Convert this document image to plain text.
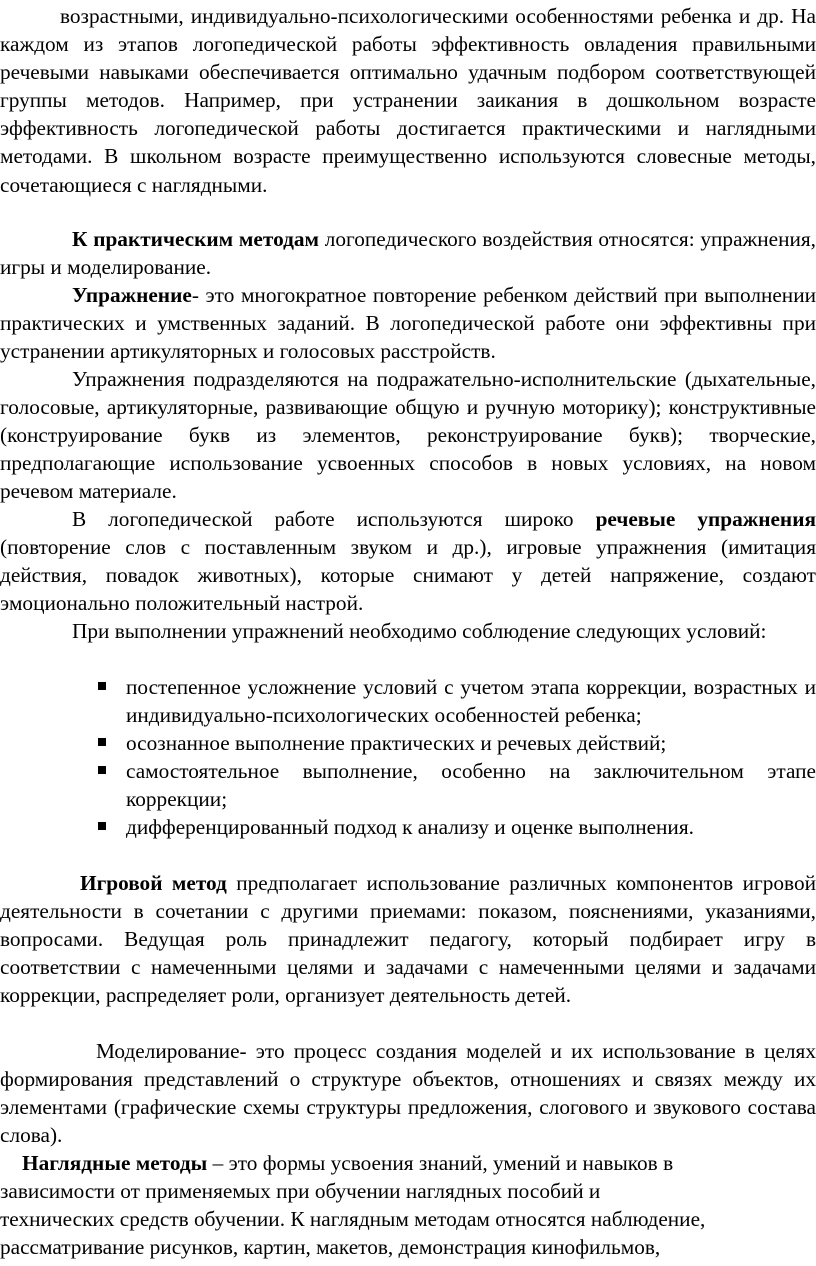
возрастными, индивидуально-психологическими особенностями ребенка и др. На каждом из этапов логопедической работы эффективность овладения правильными речевыми навыками обеспечивается оптимально удачным подбором соответствующей группы методов. Например, при устранении заикания в дошкольном возрасте эффективность логопедической работы достигается практическими и наглядными методами. В школьном возрасте преимущественно используются словесные методы, сочетающиеся с наглядными.

К практическим методам логопедического воздействия относятся: упражнения, игры и моделирование.

Упражнение- это многократное повторение ребенком действий при выполнении практических и умственных заданий. В логопедической работе они эффективны при устранении артикуляторных и голосовых расстройств.

Упражнения подразделяются на подражательно-исполнительские (дыхательные, голосовые, артикуляторные, развивающие общую и ручную моторику); конструктивные (конструирование букв из элементов, реконструирование букв); творческие, предполагающие использование усвоенных способов в новых условиях, на новом речевом материале.

В логопедической работе используются широко речевые упражнения (повторение слов с поставленным звуком и др.), игровые упражнения (имитация действия, повадок животных), которые снимают у детей напряжение, создают эмоционально положительный настрой.

При выполнении упражнений необходимо соблюдение следующих условий:

постепенное усложнение условий с учетом этапа коррекции, возрастных и индивидуально-психологических особенностей ребенка;
осознанное выполнение практических и речевых действий;
самостоятельное выполнение, особенно на заключительном этапе коррекции;
дифференцированный подход к анализу и оценке выполнения.

Игровой метод предполагает использование различных компонентов игровой деятельности в сочетании с другими приемами: показом, пояснениями, указаниями, вопросами. Ведущая роль принадлежит педагогу, который подбирает игру в соответствии с намеченными целями и задачами с намеченными целями и задачами коррекции, распределяет роли, организует деятельность детей.

Моделирование- это процесс создания моделей и их использование в целях формирования представлений о структуре объектов, отношениях и связях между их элементами (графические схемы структуры предложения, слогового и звукового состава слова).

Наглядные методы – это формы усвоения знаний, умений и навыков в
зависимости от применяемых при обучении наглядных пособий и
технических средств обучении. К наглядным методам относятся наблюдение,
рассматривание рисунков, картин, макетов, демонстрация кинофильмов,
